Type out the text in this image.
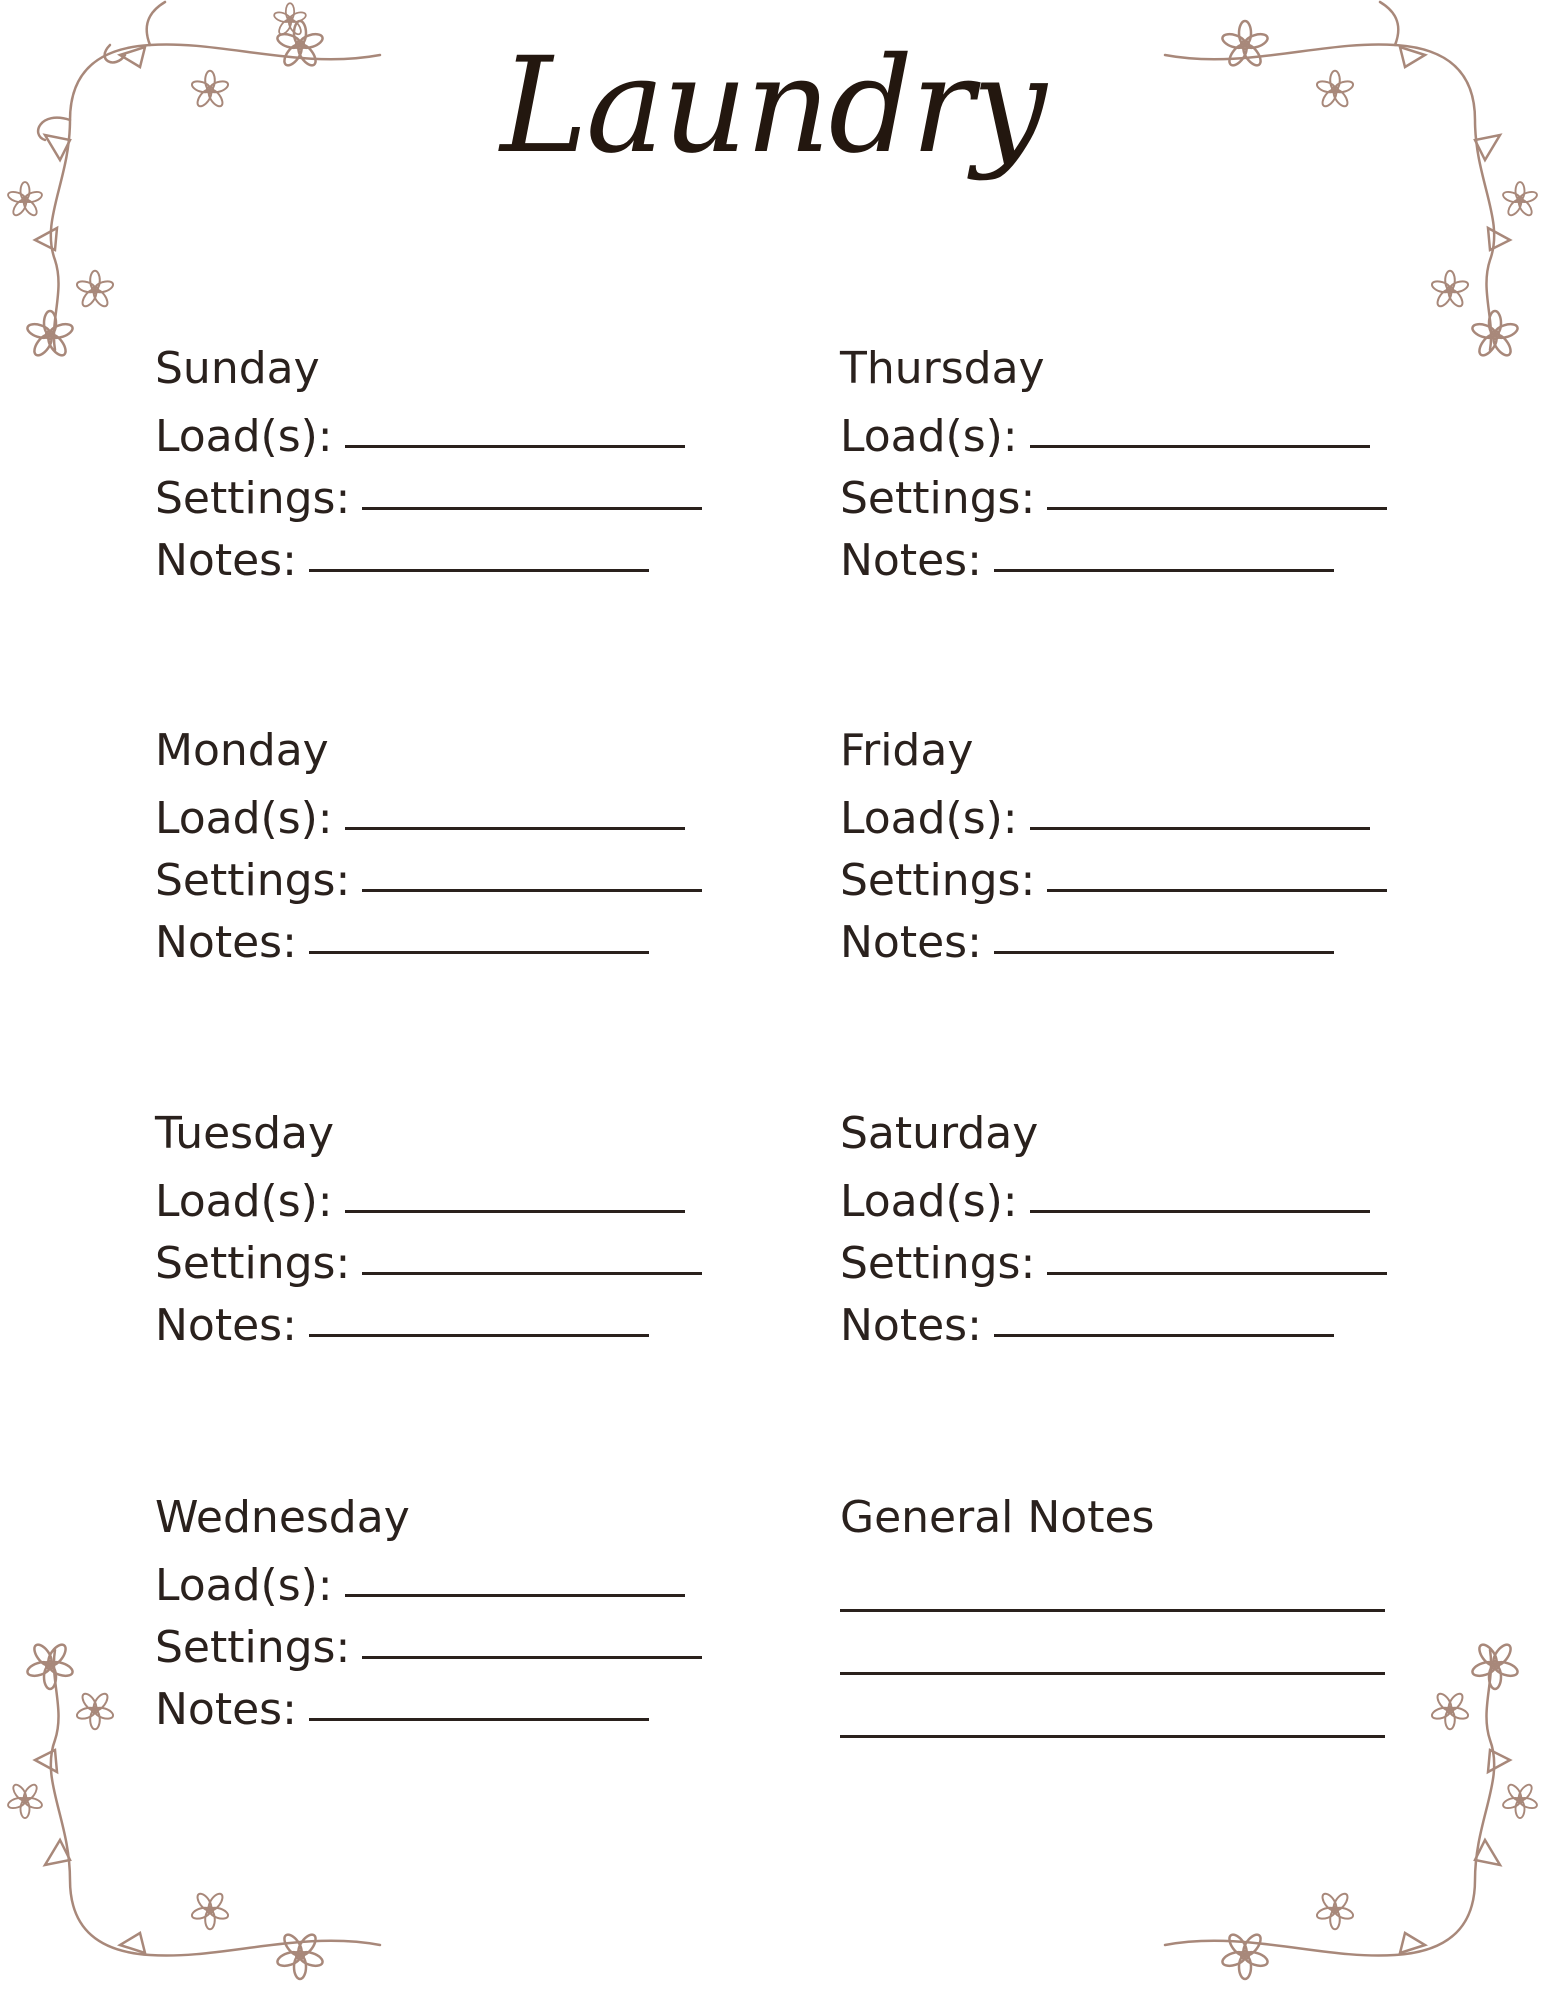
Laundry
Sunday
Load(s):
Settings:
Notes:
Monday
Load(s):
Settings:
Notes:
Tuesday
Load(s):
Settings:
Notes:
Wednesday
Load(s):
Settings:
Notes:
Thursday
Load(s):
Settings:
Notes:
Friday
Load(s):
Settings:
Notes:
Saturday
Load(s):
Settings:
Notes:
General Notes
